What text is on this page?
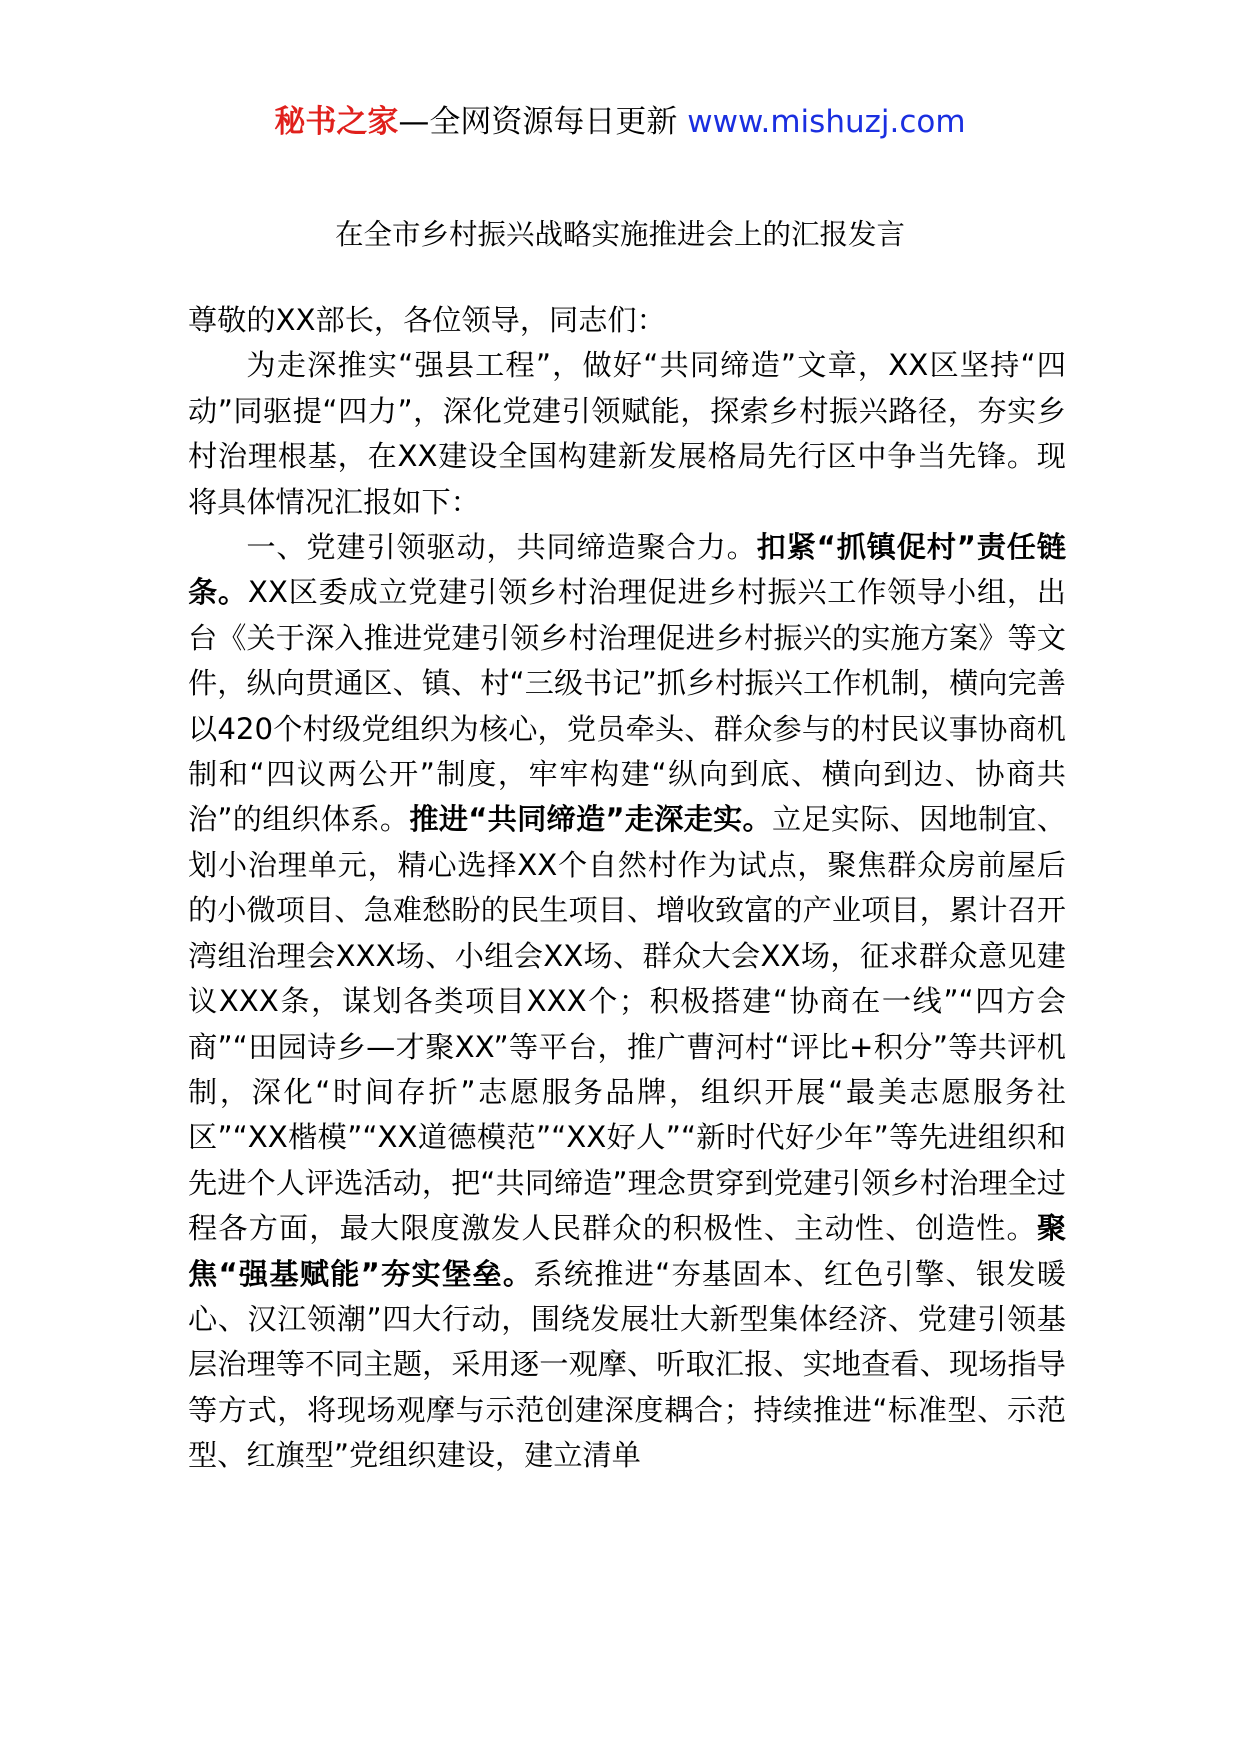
秘书之家—全网资源每日更新 www.mishuzj.com
在全市乡村振兴战略实施推进会上的汇报发言

尊敬的XX部长，各位领导，同志们：

为走深推实“强县工程”，做好“共同缔造”文章，XX区坚持“四动”同驱提“四力”，深化党建引领赋能，探索乡村振兴路径，夯实乡村治理根基，在XX建设全国构建新发展格局先行区中争当先锋。现将具体情况汇报如下：

一、党建引领驱动，共同缔造聚合力。扣紧“抓镇促村”责任链条。XX区委成立党建引领乡村治理促进乡村振兴工作领导小组，出台《关于深入推进党建引领乡村治理促进乡村振兴的实施方案》等文件，纵向贯通区、镇、村“三级书记”抓乡村振兴工作机制，横向完善以420个村级党组织为核心，党员牵头、群众参与的村民议事协商机制和“四议两公开”制度，牢牢构建“纵向到底、横向到边、协商共治”的组织体系。推进“共同缔造”走深走实。立足实际、因地制宜、划小治理单元，精心选择XX个自然村作为试点，聚焦群众房前屋后的小微项目、急难愁盼的民生项目、增收致富的产业项目，累计召开湾组治理会XXX场、小组会XX场、群众大会XX场，征求群众意见建议XXX条，谋划各类项目XXX个；积极搭建“协商在一线”“四方会商”“田园诗乡—才聚XX”等平台，推广曹河村“评比+积分”等共评机制，深化“时间存折”志愿服务品牌，组织开展“最美志愿服务社区”“XX楷模”“XX道德模范”“XX好人”“新时代好少年”等先进组织和先进个人评选活动，把“共同缔造”理念贯穿到党建引领乡村治理全过程各方面，最大限度激发人民群众的积极性、主动性、创造性。聚焦“强基赋能”夯实堡垒。系统推进“夯基固本、红色引擎、银发暖心、汉江领潮”四大行动，围绕发展壮大新型集体经济、党建引领基层治理等不同主题，采用逐一观摩、听取汇报、实地查看、现场指导等方式，将现场观摩与示范创建深度耦合；持续推进“标准型、示范型、红旗型”党组织建设，建立清单
